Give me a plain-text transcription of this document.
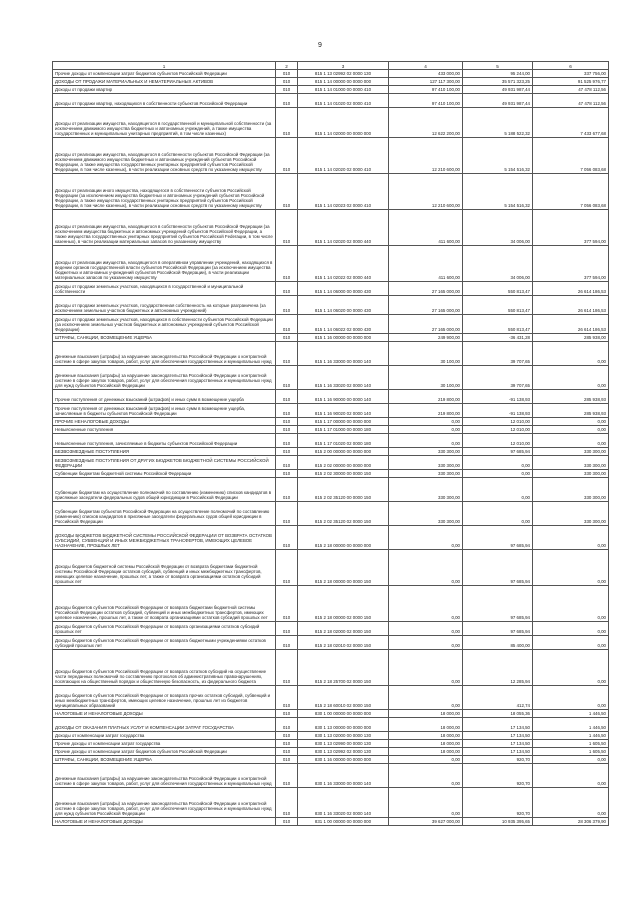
9
1	2	3	4	5	6
Прочие доходы от компенсации затрат бюджетов субъектов Российской Федерации	010	815 1 13 02992 02 0000 130	433 000,00	95 244,00	337 756,00
ДОХОДЫ ОТ ПРОДАЖИ МАТЕРИАЛЬНЫХ И НЕМАТЕРИАЛЬНЫХ АКТИВОВ	010	815 1 14 00000 00 0000 000	127 117 300,00	35 571 323,25	91 525 976,77
Доходы от продажи квартир	010	815 1 14 01000 00 0000 410	97 410 100,00	49 931 987,44	47 478 112,56
Доходы от продажи квартир, находящихся в собственности субъектов Российской Федерации	010	815 1 14 01020 02 0000 410	97 410 100,00	49 931 987,44	47 478 112,56
Доходы от реализации имущества, находящегося в государственной и муниципальной собственности (за исключением движимого имущества бюджетных и автономных учреждений, а также имущества государственных и муниципальных унитарных предприятий, в том числе казенных)	010	815 1 14 02000 00 0000 000	12 622 200,00	5 188 522,32	7 433 677,68
Доходы от реализации имущества, находящегося в собственности субъектов Российской Федерации (за исключением движимого имущества бюджетных и автономных учреждений субъектов Российской Федерации, а также имущества государственных унитарных предприятий субъектов Российской Федерации, в том числе казенных), в части реализации основных средств по указанному имуществу	010	815 1 14 02020 02 0000 410	12 210 600,00	5 154 516,32	7 056 083,68
Доходы от реализации иного имущества, находящегося в собственности субъектов Российской Федерации (за исключением имущества бюджетных и автономных учреждений субъектов Российской Федерации, а также имущества государственных унитарных предприятий субъектов Российской Федерации, в том числе казенных), в части реализации основных средств по указанному имуществу	010	815 1 14 02023 02 0000 410	12 210 600,00	5 154 516,32	7 056 083,68
Доходы от реализации имущества, находящегося в собственности субъектов Российской Федерации (за исключением имущества бюджетных и автономных учреждений субъектов Российской Федерации, а также имущества государственных унитарных предприятий субъектов Российской Federации, в том числе казенных), в части реализации материальных запасов по указанному имуществу	010	815 1 14 02020 02 0000 440	411 600,00	34 006,00	377 594,00
Доходы от реализации имущества, находящегося в оперативном управлении учреждений, находящихся в ведении органов государственной власти субъектов Российской Федерации (за исключением имущества бюджетных и автономных учреждений субъектов Российской Федерации), в части реализации материальных запасов по указанному имуществу	010	815 1 14 02022 02 0000 440	411 600,00	34 006,00	377 594,00
Доходы от продажи земельных участков, находящихся в государственной и муниципальной собственности	010	815 1 14 06000 00 0000 430	27 165 000,00	550 813,47	26 614 186,53
Доходы от продажи земельных участков, государственная собственность на которые разграничена (за исключением земельных участков бюджетных и автономных учреждений)	010	815 1 14 06020 00 0000 430	27 165 000,00	550 813,47	26 614 186,53
Доходы от продажи земельных участков, находящихся в собственности субъектов Российской Федерации (за исключением земельных участков бюджетных и автономных учреждений субъектов Российской Федерации)	010	815 1 14 06022 02 0000 430	27 165 000,00	550 813,47	26 614 186,53
ШТРАФЫ, САНКЦИИ, ВОЗМЕЩЕНИЕ УЩЕРБА	010	815 1 16 00000 00 0000 000	249 900,00	-36 431,28	285 938,00
Денежные взыскания (штрафы) за нарушение законодательства Российской Федерации о контрактной системе в сфере закупок товаров, работ, услуг для обеспечения государственных и муниципальных нужд	010	815 1 16 33000 00 0000 140	30 100,00	39 707,65	0,00
Денежные взыскания (штрафы) за нарушение законодательства Российской Федерации о контрактной системе в сфере закупок товаров, работ, услуг для обеспечения государственных и муниципальных нужд для нужд субъектов Российской Федерации	010	815 1 16 33020 02 0000 140	30 100,00	39 707,65	0,00
Прочие поступления от денежных взысканий (штрафов) и иных сумм в возмещение ущерба	010	815 1 16 90000 00 0000 140	219 800,00	-91 138,93	285 938,93
Прочие поступления от денежных взысканий (штрафов) и иных сумм в возмещение ущерба, зачисляемые в бюджеты субъектов Российской Федерации	010	815 1 16 90020 02 0000 140	219 800,00	-91 138,93	285 938,93
ПРОЧИЕ НЕНАЛОГОВЫЕ ДОХОДЫ	010	815 1 17 00000 00 0000 000	0,00	12 010,00	0,00
Невыясненные поступления	010	815 1 17 01000 00 0000 180	0,00	12 010,00	0,00
Невыясненные поступления, зачисляемые в бюджеты субъектов Российской Федерации	010	815 1 17 01020 02 0000 180	0,00	12 010,00	0,00
БЕЗВОЗМЕЗДНЫЕ ПОСТУПЛЕНИЯ	010	815 2 00 00000 00 0000 000	330 300,00	97 685,94	330 300,00
БЕЗВОЗМЕЗДНЫЕ ПОСТУПЛЕНИЯ ОТ ДРУГИХ БЮДЖЕТОВ БЮДЖЕТНОЙ СИСТЕМЫ РОССИЙСКОЙ ФЕДЕРАЦИИ	010	815 2 02 00000 00 0000 000	330 300,00	0,00	330 300,00
Субвенции бюджетам бюджетной системы Российской Федерации	010	815 2 02 30000 00 0000 150	330 300,00	0,00	330 300,00
Субвенции бюджетам на осуществление полномочий по составлению (изменению) списков кандидатов в присяжные заседатели федеральных судов общей юрисдикции в Российской Федерации	010	815 2 02 35120 00 0000 150	330 300,00	0,00	330 300,00
Субвенции бюджетам субъектов Российской Федерации на осуществление полномочий по составлению (изменению) списков кандидатов в присяжные заседатели федеральных судов общей юрисдикции в Российской Федерации	010	815 2 02 35120 02 0000 150	330 300,00	0,00	330 300,00
ДОХОДЫ БЮДЖЕТОВ БЮДЖЕТНОЙ СИСТЕМЫ РОССИЙСКОЙ ФЕДЕРАЦИИ ОТ ВОЗВРАТА ОСТАТКОВ СУБСИДИЙ, СУБВЕНЦИЙ И ИНЫХ МЕЖБЮДЖЕТНЫХ ТРАНСФЕРТОВ, ИМЕЮЩИХ ЦЕЛЕВОЕ НАЗНАЧЕНИЕ, ПРОШЛЫХ ЛЕТ	010	815 2 18 00000 00 0000 000	0,00	97 685,94	0,00
Доходы бюджетов бюджетной системы Российской Федерации от возврата бюджетами бюджетной системы Российской Федерации остатков субсидий, субвенций и иных межбюджетных трансфертов, имеющих целевое назначение, прошлых лет, а также от возврата организациями остатков субсидий прошлых лет	010	815 2 18 00000 00 0000 150	0,00	97 685,94	0,00
Доходы бюджетов субъектов Российской Федерации от возврата бюджетами бюджетной системы Российской Федерации остатков субсидий, субвенций и иных межбюджетных трансфертов, имеющих целевое назначение, прошлых лет, а также от возврата организациями остатков субсидий прошлых лет	010	815 2 18 00000 02 0000 150	0,00	97 685,94	0,00
Доходы бюджетов субъектов Российской Федерации от возврата организациями остатков субсидий прошлых лет	010	815 2 18 02000 02 0000 150	0,00	97 685,94	0,00
Доходы бюджетов субъектов Российской Федерации от возврата бюджетными учреждениями остатков субсидий прошлых лет	010	815 2 18 02010 02 0000 150	0,00	85 400,00	0,00
Доходы бюджетов субъектов Российской Федерации от возврата остатков субсидий на осуществление части переданных полномочий по составлению протоколов об административных правонарушениях, посягающих на общественный порядок и общественную безопасность, из федерального бюджета	010	815 2 18 25700 02 0000 150	0,00	12 285,94	0,00
Доходы бюджетов субъектов Российской Федерации от возврата прочих остатков субсидий, субвенций и иных межбюджетных трансфертов, имеющих целевое назначение, прошлых лет из бюджетов муниципальных образований	010	815 2 18 60010 02 0000 150	0,00	412,74	0,00
НАЛОГОВЫЕ И НЕНАЛОГОВЫЕ ДОХОДЫ	010	830 1 00 00000 00 0000 000	18 000,00	18 055,36	1 446,50
ДОХОДЫ ОТ ОКАЗАНИЯ ПЛАТНЫХ УСЛУГ И КОМПЕНСАЦИИ ЗАТРАТ ГОСУДАРСТВА	010	830 1 13 00000 00 0000 000	18 000,00	17 134,50	1 446,50
Доходы от компенсации затрат государства	010	830 1 13 02000 00 0000 130	18 000,00	17 134,50	1 446,50
Прочие доходы от компенсации затрат государства	010	830 1 13 02990 00 0000 130	18 000,00	17 134,50	1 605,50
Прочие доходы от компенсации затрат бюджетов субъектов Российской Федерации	010	830 1 13 02992 02 0000 130	18 000,00	17 134,50	1 605,50
ШТРАФЫ, САНКЦИИ, ВОЗМЕЩЕНИЕ УЩЕРБА	010	830 1 16 00000 00 0000 000	0,00	920,70	0,00
Денежные взыскания (штрафы) за нарушение законодательства Российской Федерации о контрактной системе в сфере закупок товаров, работ, услуг для обеспечения государственных и муниципальных нужд	010	830 1 16 33000 00 0000 140	0,00	920,70	0,00
Денежные взыскания (штрафы) за нарушение законодательства Российской Федерации о контрактной системе в сфере закупок товаров, работ, услуг для обеспечения государственных и муниципальных нужд для нужд субъектов Российской Федерации	010	830 1 16 33020 02 0000 140	0,00	920,70	0,00
НАЛОГОВЫЕ И НЕНАЛОГОВЫЕ ДОХОДЫ	010	831 1 00 00000 00 0000 000	39 627 000,00	10 935 395,65	28 306 379,90
